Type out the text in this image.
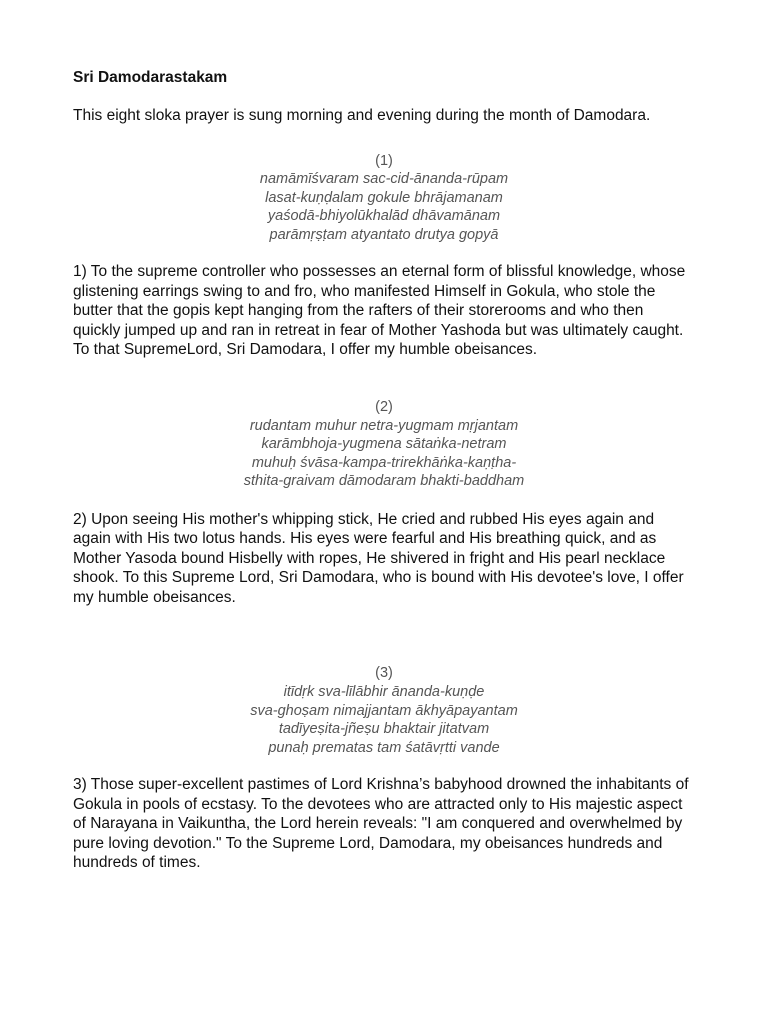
Sri Damodarastakam

This eight sloka prayer is sung morning and evening during the month of Damodara.

(1)
namāmīśvaram sac-cid-ānanda-rūpam
lasat-kuṇḍalam gokule bhrājamanam
yaśodā-bhiyolūkhalād dhāvamānam
parāmṛṣṭam atyantato drutya gopyā

1) To the supreme controller who possesses an eternal form of blissful knowledge, whose glistening earrings swing to and fro, who manifested Himself in Gokula, who stole the butter that the gopis kept hanging from the rafters of their storerooms and who then quickly jumped up and ran in retreat in fear of Mother Yashoda but was ultimately caught. To that SupremeLord, Sri Damodara, I offer my humble obeisances.

(2)
rudantam muhur netra-yugmam mṛjantam
karāmbhoja-yugmena sātaṅka-netram
muhuḥ śvāsa-kampa-trirekhāṅka-kaṇṭha-
sthita-graivam dāmodaram bhakti-baddham

2) Upon seeing His mother's whipping stick, He cried and rubbed His eyes again and again with His two lotus hands. His eyes were fearful and His breathing quick, and as Mother Yasoda bound Hisbelly with ropes, He shivered in fright and His pearl necklace shook. To this Supreme Lord, Sri Damodara, who is bound with His devotee's love, I offer my humble obeisances.

(3)
itīdṛk sva-līlābhir ānanda-kuṇḍe
sva-ghoṣam nimajjantam ākhyāpayantam
tadīyeṣita-jñeṣu bhaktair jitatvam
punaḥ prematas tam śatāvṛtti vande

3) Those super-excellent pastimes of Lord Krishna’s babyhood drowned the inhabitants of Gokula in pools of ecstasy. To the devotees who are attracted only to His majestic aspect of Narayana in Vaikuntha, the Lord herein reveals: "I am conquered and overwhelmed by pure loving devotion." To the Supreme Lord, Damodara, my obeisances hundreds and hundreds of times.
